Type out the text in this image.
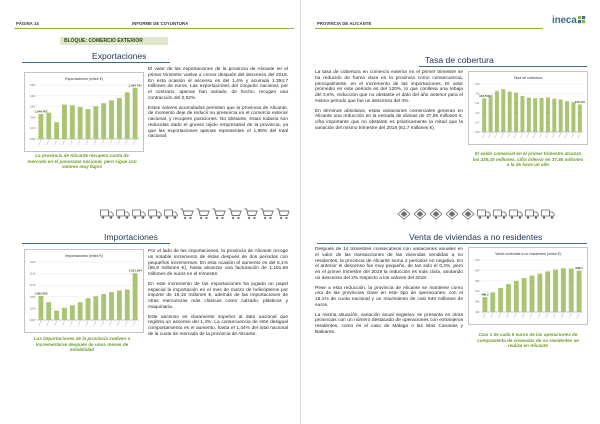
PÁGINA 14	INFORME DE COYUNTURA
BLOQUE: COMERCIO EXTERIOR
Exportaciones
Exportaciones (miles €)
1300
1320
1340
1360
1380
1400
1.346.407
1.394.741
La provincia de Alicante recupera cuota de mercado en el panorama nacional, pero sigue con valores muy bajos

El valor de las exportaciones de la provincia de Alicante en el primer trimestre vuelve a crecer después del descenso del 2018. En esta ocasión el ascenso es del 1,4% y acumula 1.394,7 millones de euros. Las exportaciones del conjunto nacional, por el contrario, apenas han variado, de hecho, recogen una contracción del 0,02%.

Estos valores acumulados permiten que la provincia de Alicante, de momento deje de reducir su presencia en el comercio exterior nacional, y recupere posiciones. No obstante, éstas todavía son reducidas dado el grueso tejido empresarial de la provincia, ya que las exportaciones apenas representan el 1,96% del total nacional.

Importaciones
Importaciones (miles €)
1000
1040
1080
1120
1160
1200
1.082.955
1.161.564
Las importaciones de la provincia vuelven a incrementarse después de unos meses de estabilidad

Por el lado de las importaciones, la provincia de Alicante recoge un notable incremento de éstas después de dos periodos con pequeños incrementos. En esta ocasión el aumento es del 5,1% (56,8 millones €), hasta alcanzar una facturación de 1.161,56 millones de euros en el trimestre.

En este incremento de las importaciones ha jugado un papel especial la importación en el mes de marzo de helicópteros por importe de 19,15 millones €, además de las importaciones de otras mercancías más clásicas como calzado, plásticos y maquinaria.

Este ascenso es claramente superior al dato nacional que registra un ascenso del 1,4%. La consecuencia de este desigual comportamiento es el aumento, hasta el 1,44% del total nacional de la cuota de mercado de la provincia de Alicante.

PROVINCIA DE ALICANTE	ineca
Tasa de cobertura

La tasa de cobertura en comercio exterior en el primer trimestre se ha reducido de forma clara en la provincia como consecuencia, principalmente, en el incremento de las importaciones. El valor promedio en este periodo es del 120%, lo que conlleva una rebaja del 3,6%, reducción que no obstante el dato del año anterior para el mismo periodo que fue un descenso del 4%.

En términos absolutos, estas variaciones comerciales generan en Alicante una reducción en la entrada de divisas de 37,85 millones €, cifra importante que no obstante es prácticamente la mitad que la variación del mismo trimestre del 2018 (61,7 millones €).

Tasa de cobertura
100
107
114
121
128
135
124,5%
120,1%
El saldo comercial en el primer trimestre alcanza los 239,16 millones, cifra inferior en 37,85 millones a la de hace un año
Venta de viviendas a no residentes

Después de 14 trimestres consecutivos con variaciones anuales en el valor de las transacciones de las viviendas vendidas a no residentes, la provincia de Alicante suma 2 periodos en negativo. En el anterior el descenso fue muy pequeño, de tan solo el 0,2%, pero en el primer trimestre del 2019 la reducción es más clara, anotando un descenso del 2% respecto a los valores del 2018.

Pese a esta reducción, la provincia de Alicante se mantiene como una de las provincias clave en este tipo de operaciones, con el 18,1% de cuota nacional y un movimiento de casi 640 millones de euros.

La misma situación, variación anual negativa, se presenta en otras provincias con un número destacado de operaciones con extranjeros residentes, como es el caso de Málaga o las islas Canarias y Baleares.

Venta viviendas a no residentes (miles €)
400
460
520
580
640
700
486.2
638.1
Casi 1 de cada 5 euros de las operaciones de compraventa de viviendas de no residentes se realiza en Alicante
